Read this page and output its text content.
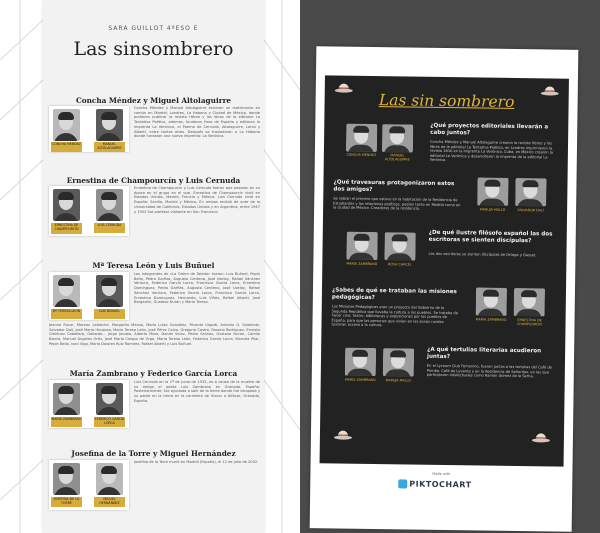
SARA GUILLOT 4ºESO E
Las sinsombrero
Concha Méndez y Miguel Altolaguirre
CONCHA MÉNDEZ	MANUEL ALTOLAGUIRRE
Concha Méndez y Manuel Altolaguirre tuvieron un matrimonio en común en Madrid, Londres, La Habana y Ciudad de México, donde pudieron publicar la revista Héroe y los libros de la editorial La Tentativa Poética, además, fundaron Hora de España y editaron la imprenta La Verónica, el Poema de Cernuda, Altolaguirre, Lorca y Alberti, entre tantos otros. Después se trasladaron a La Habana donde fundaron una nueva imprenta: La Verónica.
Ernestina de Champourcín y Luis Cernuda
ERNESTINA DE CHAMPOURCÍN
LUIS CERNUDA
Ernestina de Champourcín y Luis Cernuda fueron que pasaron en su época en el grupo en el que, Ernestina de Champourcín vivió en Estados Unidos, Madrid, Francia y México. Luis Cernuda vivió en España: Sevilla, Madrid y México. En ambos recibió de ante de la Universidad de California, Estados Unidos y en Argentina, entre 1947 y 1952 fue profesor visitante en San Francisco.
Mª Teresa León y Luis Buñuel
Mª TERESA LEÓN	LUIS BUÑUEL
Los integrantes de «La Orden de Toledo» fueron: Luis Buñuel, Pepín Bello, Pedro Garfias, Augusto Centeno, José Uzelay, Rafael Sánchez Ventura, Federico García Lorca, Francisco García Lorca, Ernestino Dominguez, Pedro Garfias, Augusto Centeno, José Uzelay, Rafael Sánchez Ventura, Federico García Lorca, Francisco García Lorca, Ernestino Dominguez, Hernando, Luis Viñes, Rafael Alberti, José Bergamín, Gustavo Durán y María Teresa.
Jeanne Rucar, Moreau Lebleche, Margarita Manso, María Luisa González, Ricardo Urgoiti, Antonio G. Solalinde, Salvador Dalí, José María Hinojosa, María Teresa León, José Pérez Calvo, Gregorio Castro, Rosario Rodríguez, Ernesto Giménez Caballero, Gallardo... Jorge Jacobo, Alberto Moro, Daniel Sainz, Pedro Salinas, Gustavo Durán, Camilo Barcia, Manuel Ángeles Ortiz, José María Crespo de Orga, María Teresa León, Federico García Lorca, Marcela Pilar, Pepín Bello, Ivan Vigo, María Dolores Ruiz Ramírez, Rafael Alberti y Luis Buñuel.
María Zambrano y Federico García Lorca
MARÍA ZAMBRANO	FEDERICO GARCÍA LORCA
Luis Cernuda en la 1ª de junio de 1932, es a causa de la muerte de su amigo el poeta Luis Zambrano en Granada, España. Posteriormente, fue ayudada a salir de la tierra donde fue atrapada y su padre en la tierra en la carretera de Víznar a Alfacar, Granada, España.
Josefina de la Torre y Miguel Hernández
JOSEFINA DE LA TORRE
MIGUEL HERNÁNDEZ
Josefina de la Torre murió en Madrid (España), el 12 de julio de 2002.
Las sin sombrero
CONCHA MÉNDEZ	MANUEL ALTOLAGUIRRE
¿Qué proyectos editoriales llevarán a cabo juntos?
Concha Méndez y Manuel Altolaguirre crearon la revista Héroe y los libros de la editorial La Tentativa Poética, en Londres imprimieron la revista 1616 en la imprenta La Verónica, Cuba, en México crearon la editorial La Verónica y desarrollaron la imprenta de la editorial La Verónica.
¿Qué travesuras protagonizaron estos dos amigos?
Se sabían el primero que estuvo en la habitación de la Residencia de Estudiantes y las relaciones poéticas, pedían tanto en Madrid como en la ciudad de México. Creadores de la residencia.	MARUJA MALLO	SALVADOR DALÍ
MARÍA ZAMBRANO	ROSA CHACEL
¿De qué ilustre filósofo español las dos escritoras se sienten discípulas?
Las dos escritoras se sienten discípulas de Ortega y Gasset.
¿Sabes de qué se trataban las misiones pedagógicas?
Los Misiones Pedagógicas eran un proyecto del Gobierno de la Segunda República que llevaba la cultura a los pueblos. Se trataba de hacer cine, teatro, bibliotecas y exposiciones por los pueblos de España, para que las personas que vivían en las zonas rurales tuvieran acceso a la cultura.
MARÍA ZAMBRANO	ERNESTINA DE CHAMPOURCÍN
MARÍA ZAMBRANO	MARUJA MALLO
¿A qué tertulias literarias acudieron juntas?
En el Lyceum Club Femenino, fueron juntas a las tertulias del Café de Pombo, Café de Levante y en la Residencia de Señoritas, en las que participaron intelectuales como Ramón Gómez de la Serna.
Made with
PIKTOCHART
